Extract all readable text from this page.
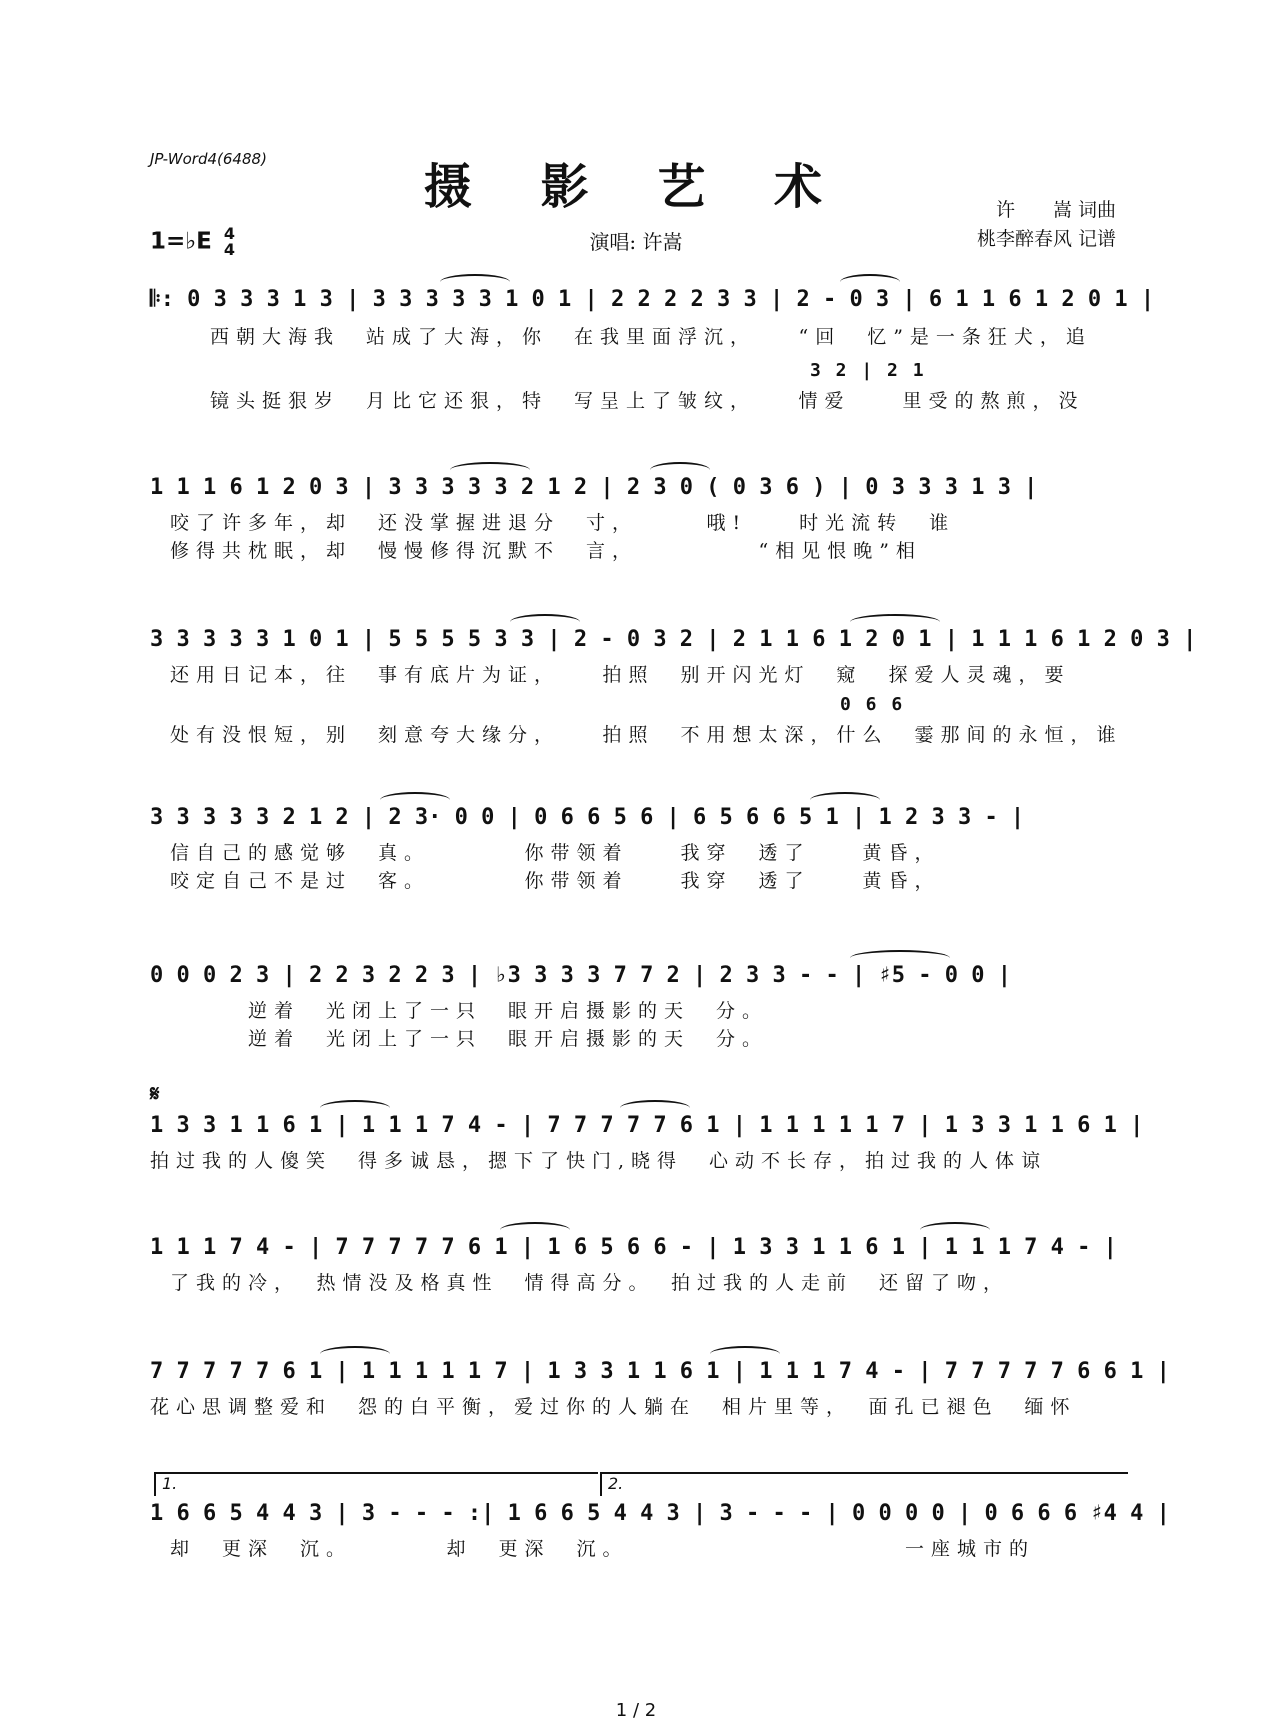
JP-Word4(6488)	摄 影 艺 术	许　　嵩 词曲
桃李醉春风 记谱
1=♭E 4
4	演唱: 许嵩
𝄆: 0 3 3 3 1 3 | 3 3 3 3 3 1 0 1 | 2 2 2 2 3 3 | 2 - 0 3 | 6 1 1 6 1 2 0 1 |
西朝大海我　站成了大海，你　在我里面浮沉，　　“回　忆”是一条狂犬，追
3 2 | 2 1
镜头挺狠岁　月比它还狠，特　写呈上了皱纹，　　情爱　　里受的熬煎，没
1 1 1 6 1 2 0 3 | 3 3 3 3 3 2 1 2 | 2 3 0 ( 0 3 6 ) | 0 3 3 3 1 3 |
咬了许多年，却　还没掌握进退分　寸，　　　哦!　　时光流转　谁
修得共枕眠，却　慢慢修得沉默不　言，　　　　　“相见恨晚”相
3 3 3 3 3 1 0 1 | 5 5 5 5 3 3 | 2 - 0 3 2 | 2 1 1 6 1 2 0 1 | 1 1 1 6 1 2 0 3 |
还用日记本，往　事有底片为证，　　拍照　别开闪光灯　窥　探爱人灵魂，要
0 6 6
处有没恨短，别　刻意夸大缘分，　　拍照　不用想太深，什么　霎那间的永恒，谁
3 3 3 3 3 2 1 2 | 2 3· 0 0 | 0 6 6 5 6 | 6 5 6 6 5 1 | 1 2 3 3 - |
信自己的感觉够　真。　　　　你带领着　　我穿　透了　　黄昏，
咬定自己不是过　客。　　　　你带领着　　我穿　透了　　黄昏，
0 0 0 2 3 | 2 2 3 2 2 3 | ♭3 3 3 3 7 7 2 | 2 3 3 - - | ♯5 - 0 0 |
　　　逆着　光闭上了一只　眼开启摄影的天　分。
　　　逆着　光闭上了一只　眼开启摄影的天　分。
𝄋
1 3 3 1 1 6 1 | 1 1 1 7 4 - | 7 7 7 7 7 6 1 | 1 1 1 1 1 7 | 1 3 3 1 1 6 1 |
拍过我的人傻笑　得多诚恳，摁下了快门,晓得　心动不长存，拍过我的人体谅
1 1 1 7 4 - | 7 7 7 7 7 6 1 | 1 6 5 6 6 - | 1 3 3 1 1 6 1 | 1 1 1 7 4 - |
了我的冷，　热情没及格真性　情得高分。　拍过我的人走前　还留了吻，
7 7 7 7 7 6 1 | 1 1 1 1 1 7 | 1 3 3 1 1 6 1 | 1 1 1 7 4 - | 7 7 7 7 7 6 6 1 |
花心思调整爱和　怨的白平衡，爱过你的人躺在　相片里等，　面孔已褪色　缅怀
1.	2.
1 6 6 5 4 4 3 | 3 - - - :| 1 6 6 5 4 4 3 | 3 - - - | 0 0 0 0 | 0 6 6 6 ♯4 4 |
却　更深　沉。　　　　却　更深　沉。　　　　　　　　　　　一座城市的
1 / 2
